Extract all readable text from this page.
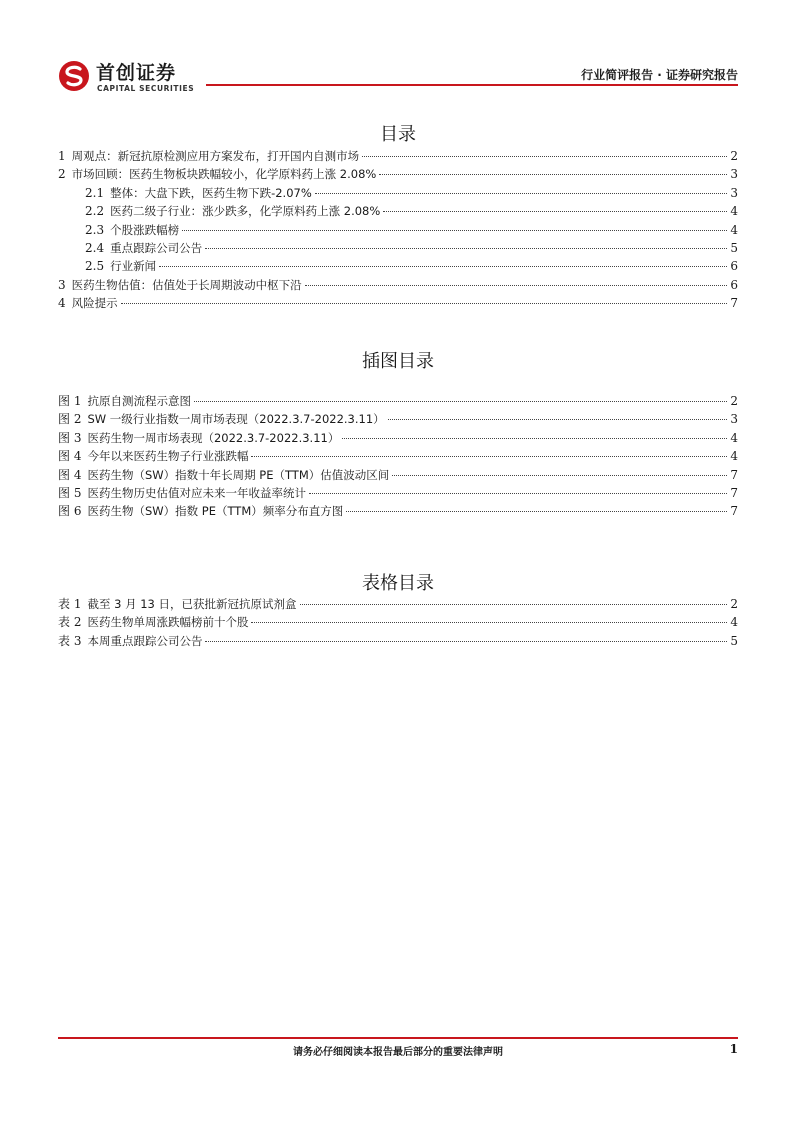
首创证券
CAPITAL SECURITIES
行业简评报告 · 证券研究报告
目录
1 周观点：新冠抗原检测应用方案发布，打开国内自测市场	2
2 市场回顾：医药生物板块跌幅较小，化学原料药上涨 2.08%	3
2.1 整体：大盘下跌，医药生物下跌-2.07%	3
2.2 医药二级子行业：涨少跌多，化学原料药上涨 2.08%	4
2.3 个股涨跌幅榜	4
2.4 重点跟踪公司公告	5
2.5 行业新闻	6
3 医药生物估值：估值处于长周期波动中枢下沿	6
4 风险提示	7
插图目录
图 1 抗原自测流程示意图	2
图 2 SW 一级行业指数一周市场表现（2022.3.7-2022.3.11）	3
图 3 医药生物一周市场表现（2022.3.7-2022.3.11）	4
图 4 今年以来医药生物子行业涨跌幅	4
图 4 医药生物（SW）指数十年长周期 PE（TTM）估值波动区间	7
图 5 医药生物历史估值对应未来一年收益率统计	7
图 6 医药生物（SW）指数 PE（TTM）频率分布直方图	7
表格目录
表 1 截至 3 月 13 日，已获批新冠抗原试剂盒	2
表 2 医药生物单周涨跌幅榜前十个股	4
表 3 本周重点跟踪公司公告	5
请务必仔细阅读本报告最后部分的重要法律声明	1
